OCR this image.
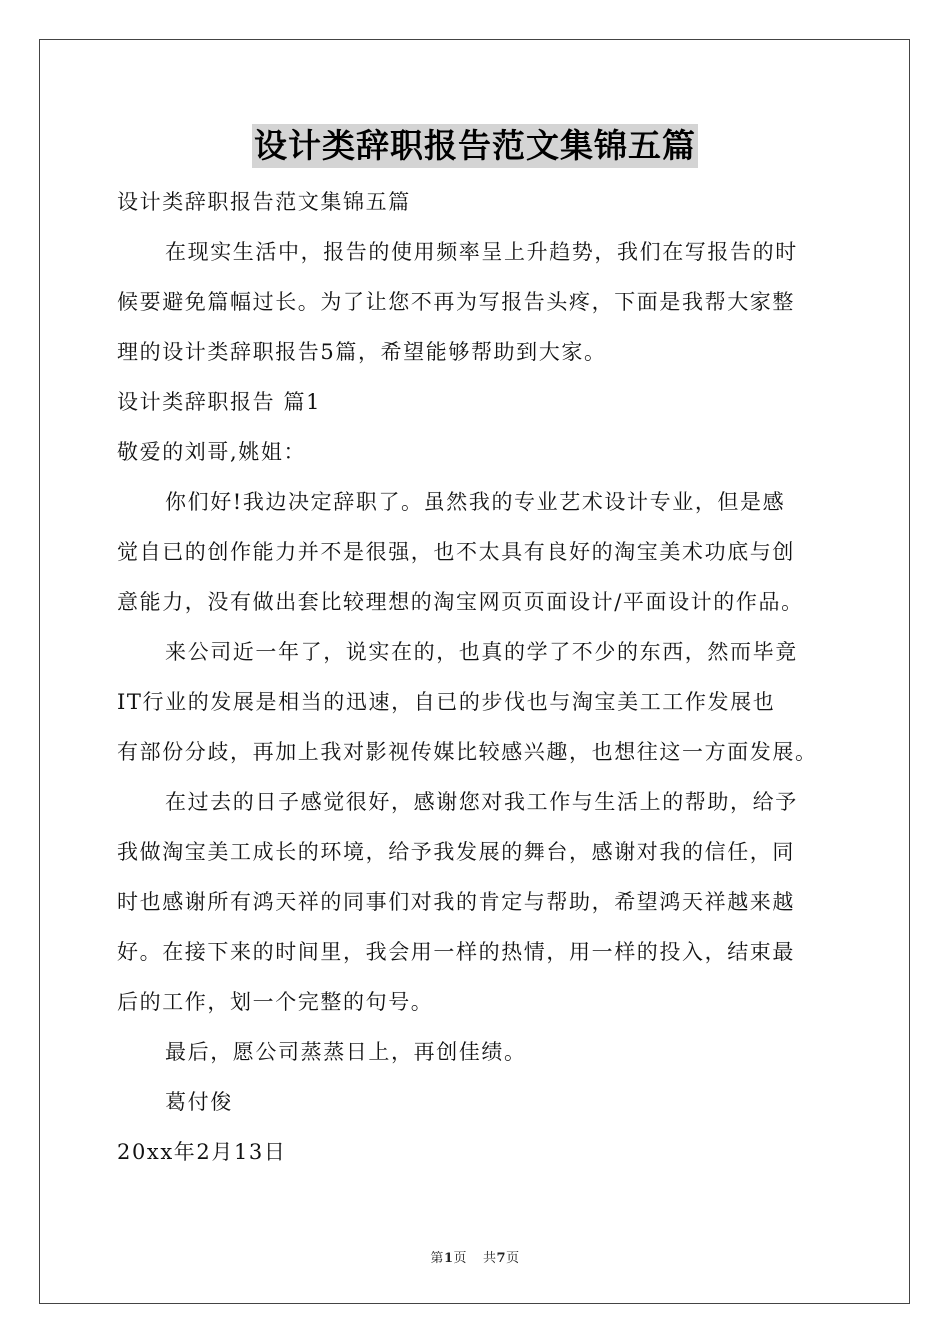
设计类辞职报告范文集锦五篇

设计类辞职报告范文集锦五篇

在现实生活中，报告的使用频率呈上升趋势，我们在写报告的时

候要避免篇幅过长。为了让您不再为写报告头疼，下面是我帮大家整

理的设计类辞职报告5篇，希望能够帮助到大家。

设计类辞职报告 篇1

敬爱的刘哥,姚姐：

你们好!我边决定辞职了。虽然我的专业艺术设计专业，但是感

觉自已的创作能力并不是很强，也不太具有良好的淘宝美术功底与创

意能力，没有做出套比较理想的淘宝网页页面设计/平面设计的作品。

来公司近一年了，说实在的，也真的学了不少的东西，然而毕竟

IT行业的发展是相当的迅速，自已的步伐也与淘宝美工工作发展也

有部份分歧，再加上我对影视传媒比较感兴趣，也想往这一方面发展。

在过去的日子感觉很好，感谢您对我工作与生活上的帮助，给予

我做淘宝美工成长的环境，给予我发展的舞台，感谢对我的信任，同

时也感谢所有鸿天祥的同事们对我的肯定与帮助，希望鸿天祥越来越

好。在接下来的时间里，我会用一样的热情，用一样的投入，结束最

后的工作，划一个完整的句号。

最后，愿公司蒸蒸日上，再创佳绩。

葛付俊

20xx年2月13日

第1页 共7页
